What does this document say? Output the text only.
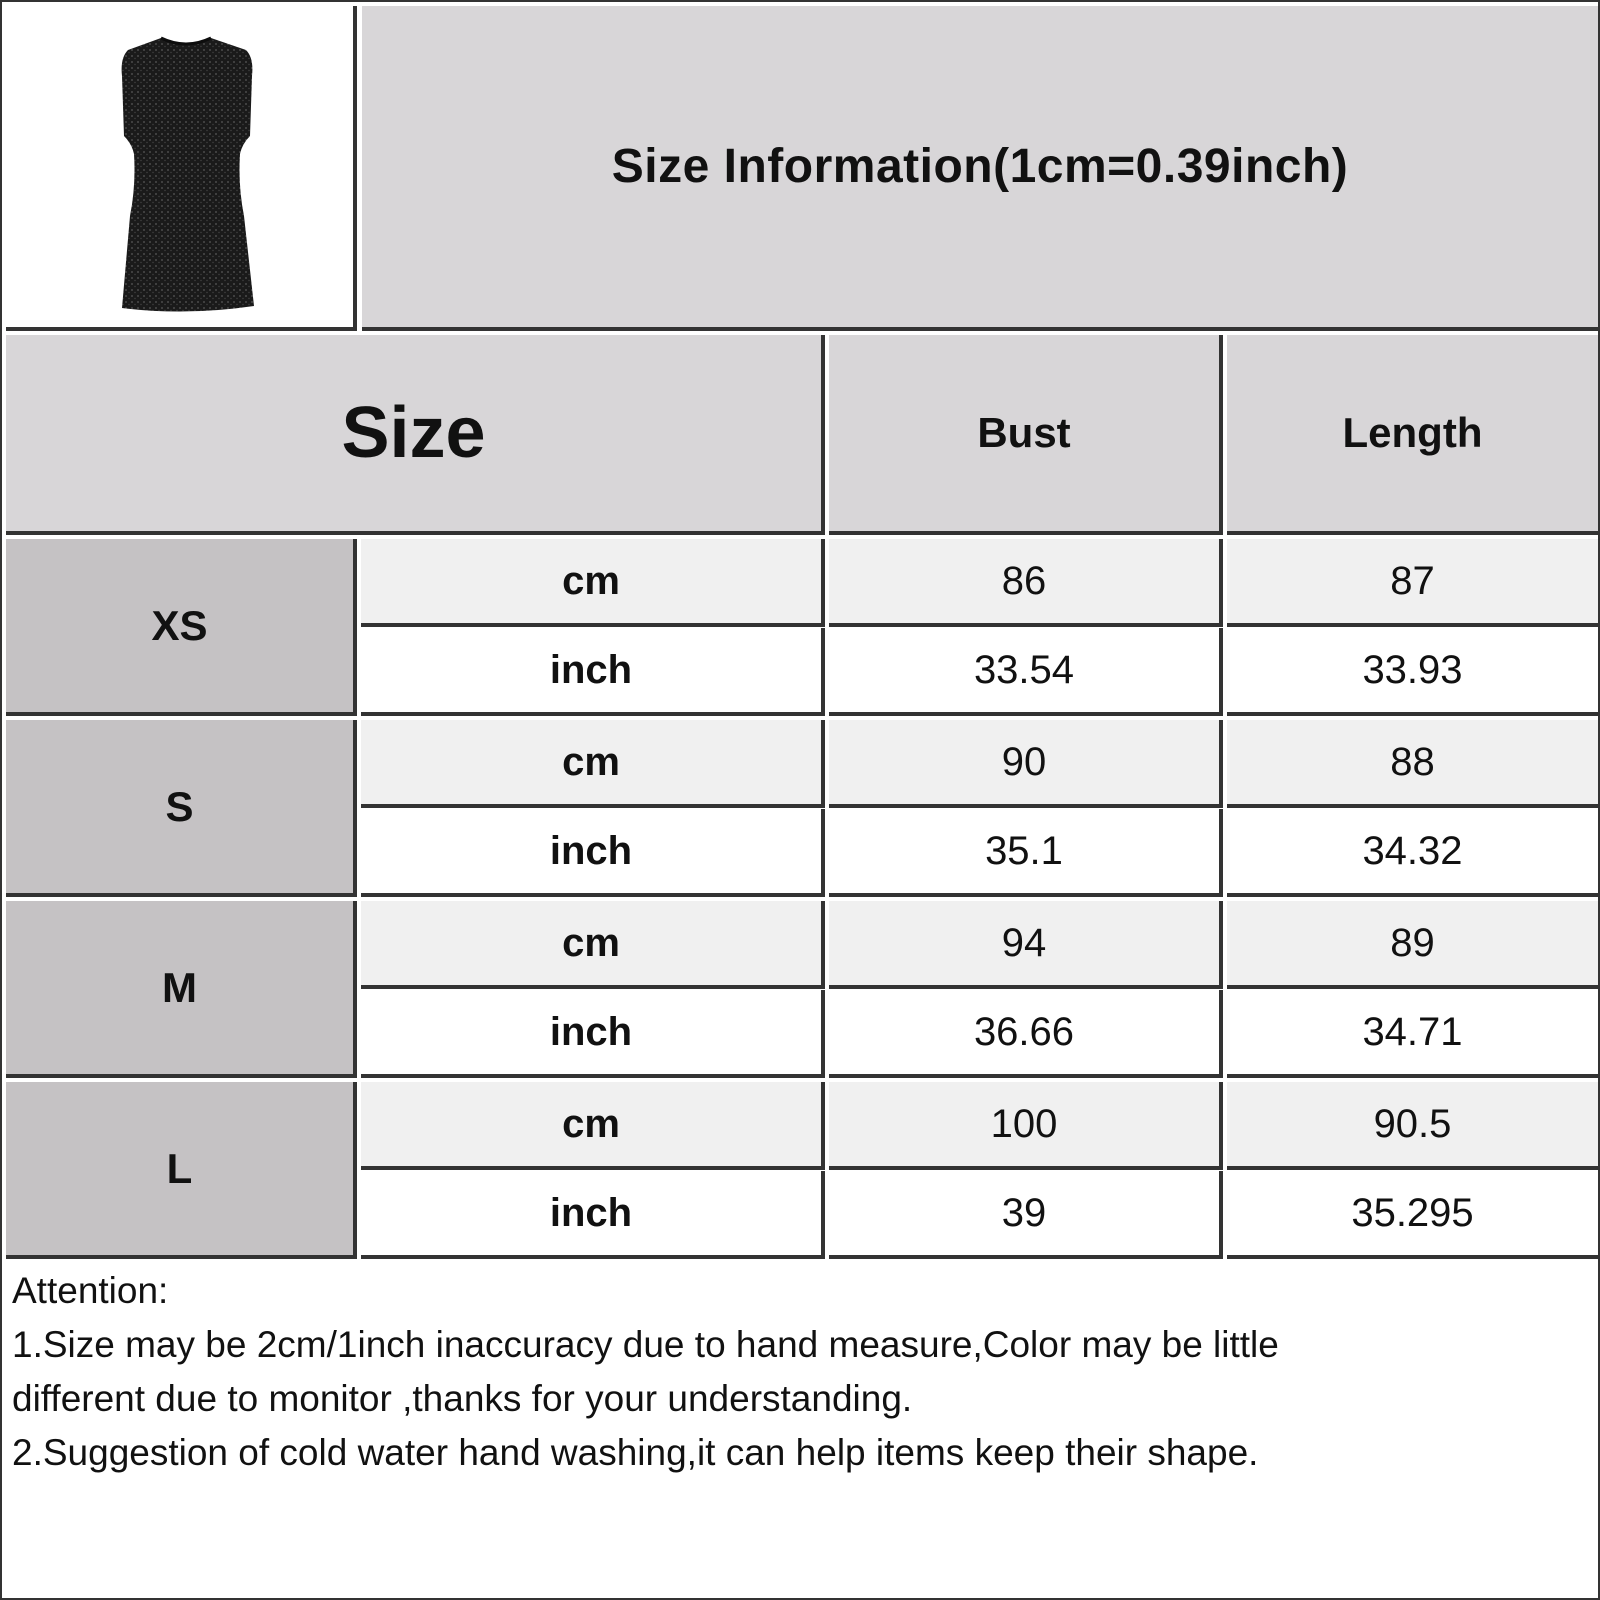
Size Information(1cm=0.39inch)
Size	Bust	Length
XS
cm	86	87
inch	33.54	33.93
S
cm	90	88
inch	35.1	34.32
M
cm	94	89
inch	36.66	34.71
L
cm	100	90.5
inch	39	35.295
Attention:
1.Size may be 2cm/1inch inaccuracy due to hand measure,Color may be little
different due to monitor ,thanks for your understanding.
2.Suggestion of cold water hand washing,it can help items keep their shape.
